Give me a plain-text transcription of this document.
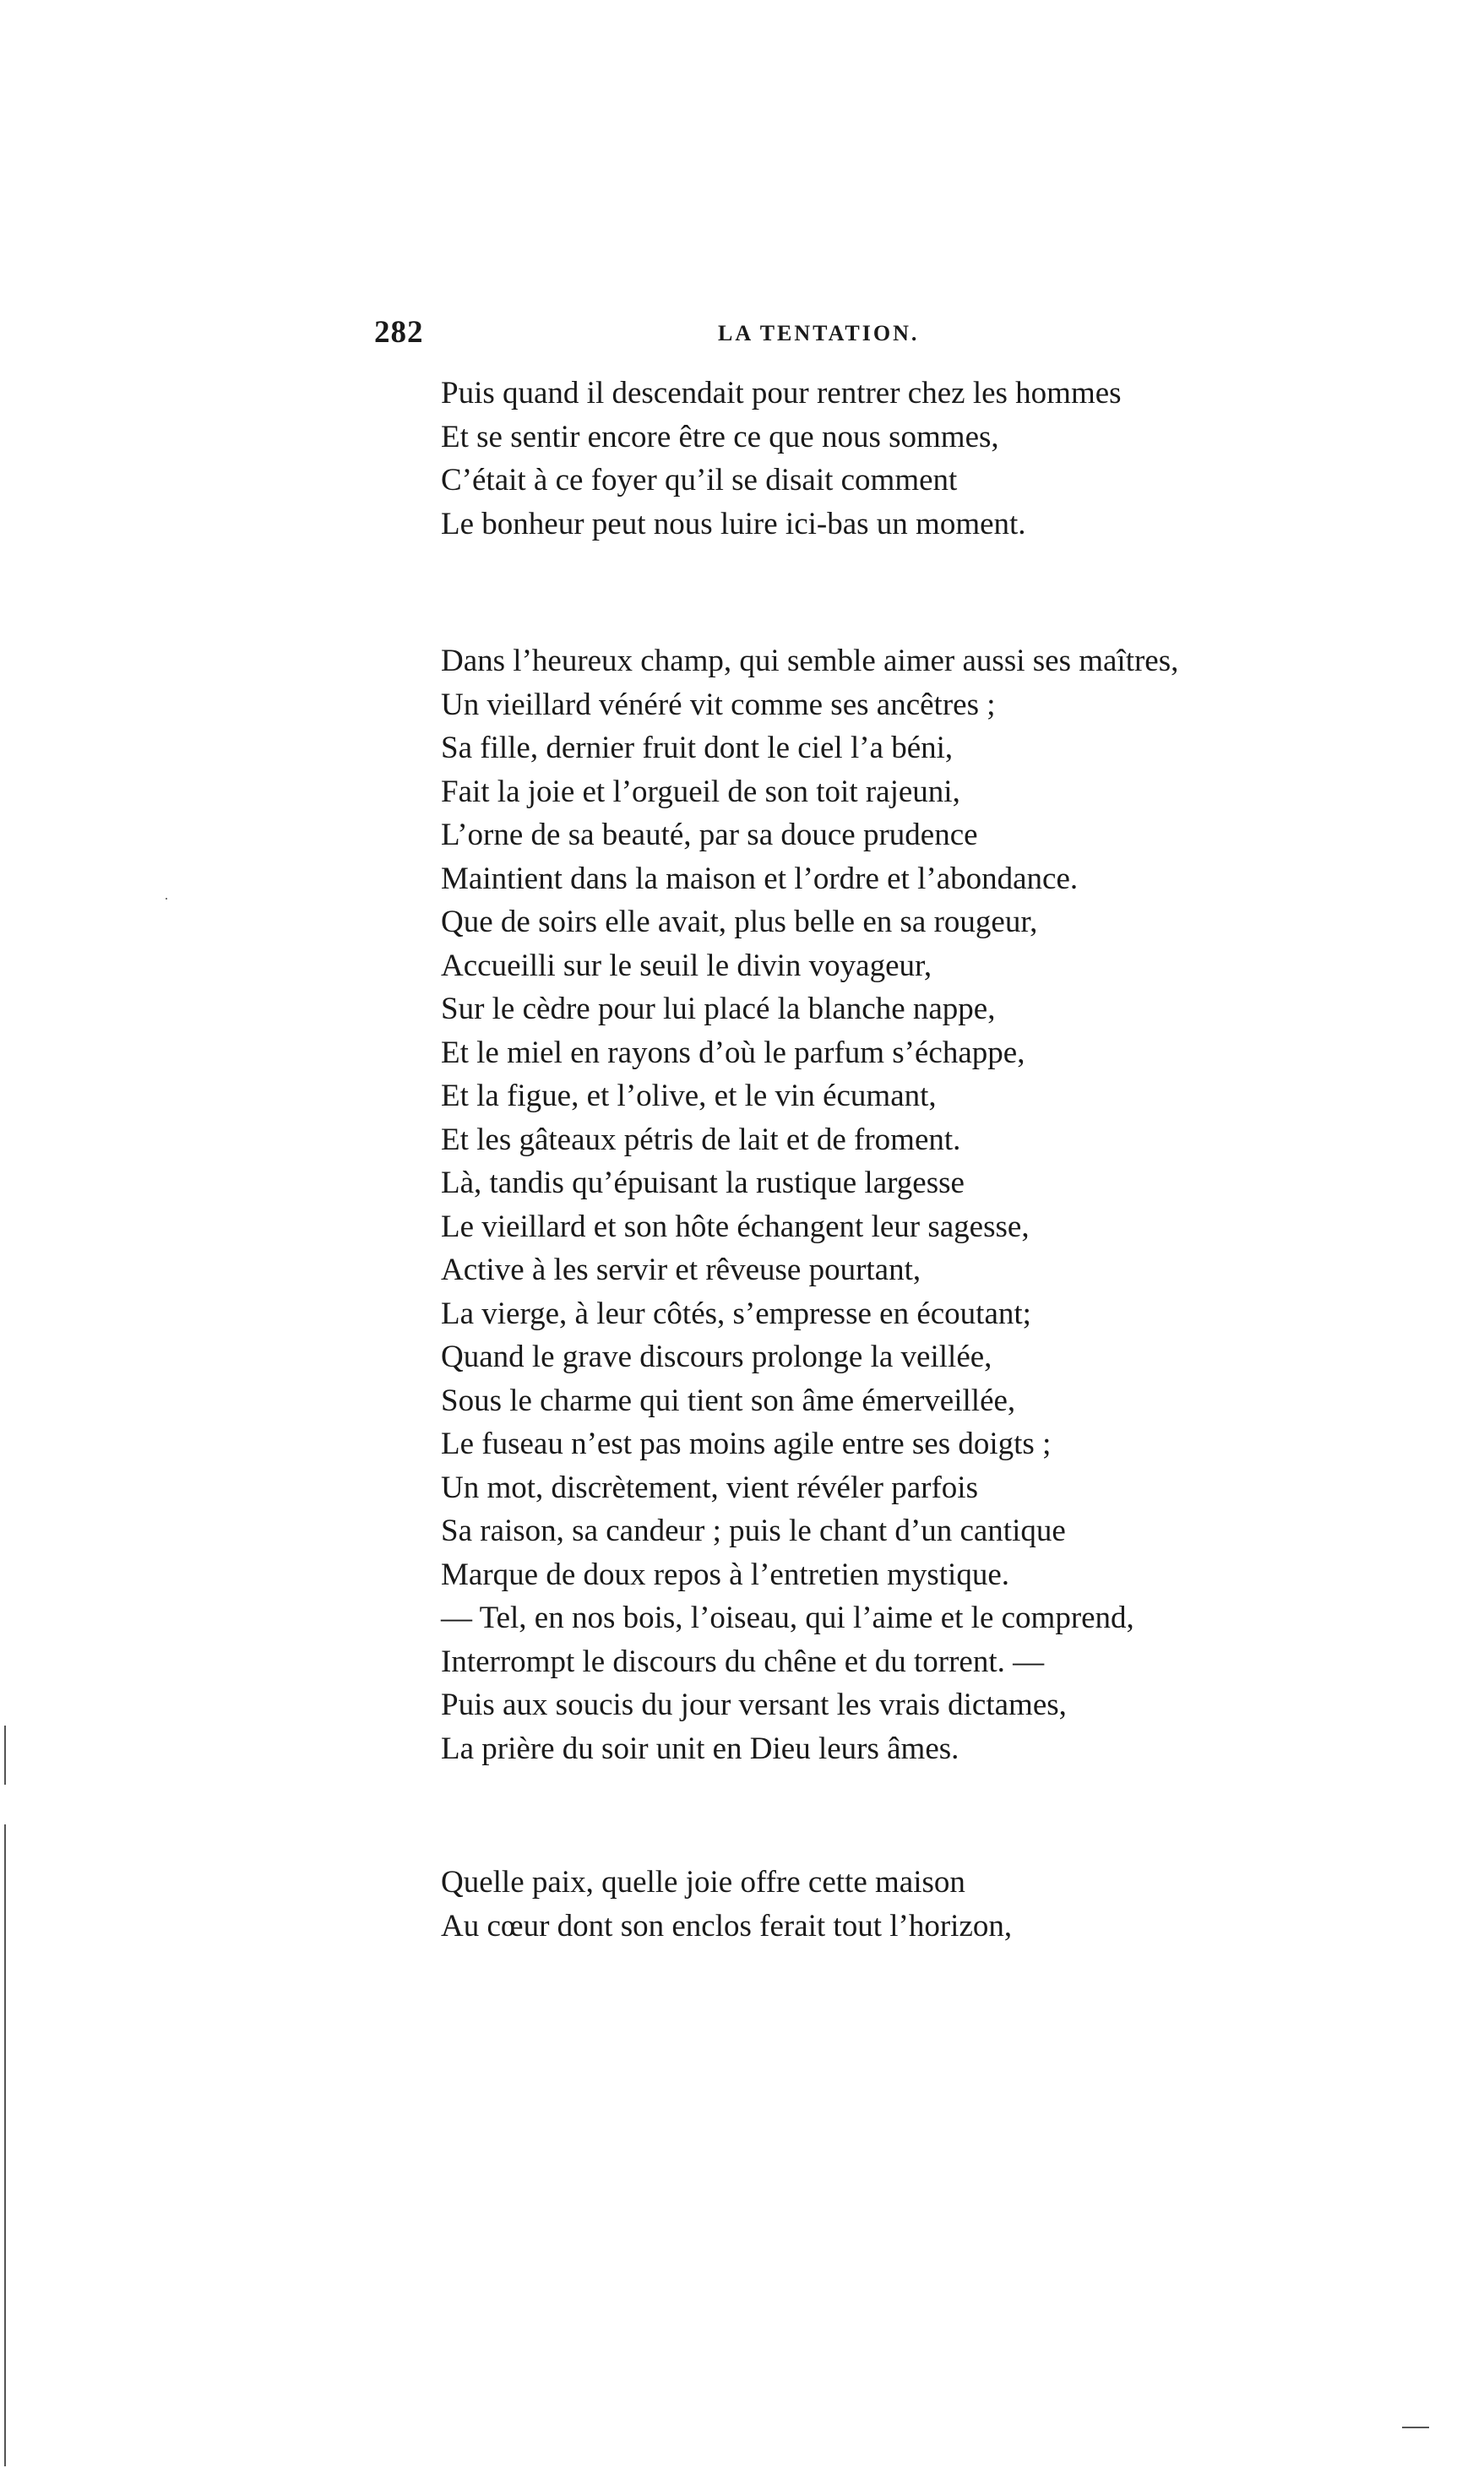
282	LA TENTATION.
Puis quand il descendait pour rentrer chez les hommes
Et se sentir encore être ce que nous sommes,
C’était à ce foyer qu’il se disait comment
Le bonheur peut nous luire ici-bas un moment.
Dans l’heureux champ, qui semble aimer aussi ses maîtres,
Un vieillard vénéré vit comme ses ancêtres ;
Sa fille, dernier fruit dont le ciel l’a béni,
Fait la joie et l’orgueil de son toit rajeuni,
L’orne de sa beauté, par sa douce prudence
Maintient dans la maison et l’ordre et l’abondance.
Que de soirs elle avait, plus belle en sa rougeur,
Accueilli sur le seuil le divin voyageur,
Sur le cèdre pour lui placé la blanche nappe,
Et le miel en rayons d’où le parfum s’échappe,
Et la figue, et l’olive, et le vin écumant,
Et les gâteaux pétris de lait et de froment.
Là, tandis qu’épuisant la rustique largesse
Le vieillard et son hôte échangent leur sagesse,
Active à les servir et rêveuse pourtant,
La vierge, à leur côtés, s’empresse en écoutant;
Quand le grave discours prolonge la veillée,
Sous le charme qui tient son âme émerveillée,
Le fuseau n’est pas moins agile entre ses doigts ;
Un mot, discrètement, vient révéler parfois
Sa raison, sa candeur ; puis le chant d’un cantique
Marque de doux repos à l’entretien mystique.
— Tel, en nos bois, l’oiseau, qui l’aime et le comprend,
Interrompt le discours du chêne et du torrent. —
Puis aux soucis du jour versant les vrais dictames,
La prière du soir unit en Dieu leurs âmes.
Quelle paix, quelle joie offre cette maison
Au cœur dont son enclos ferait tout l’horizon,
